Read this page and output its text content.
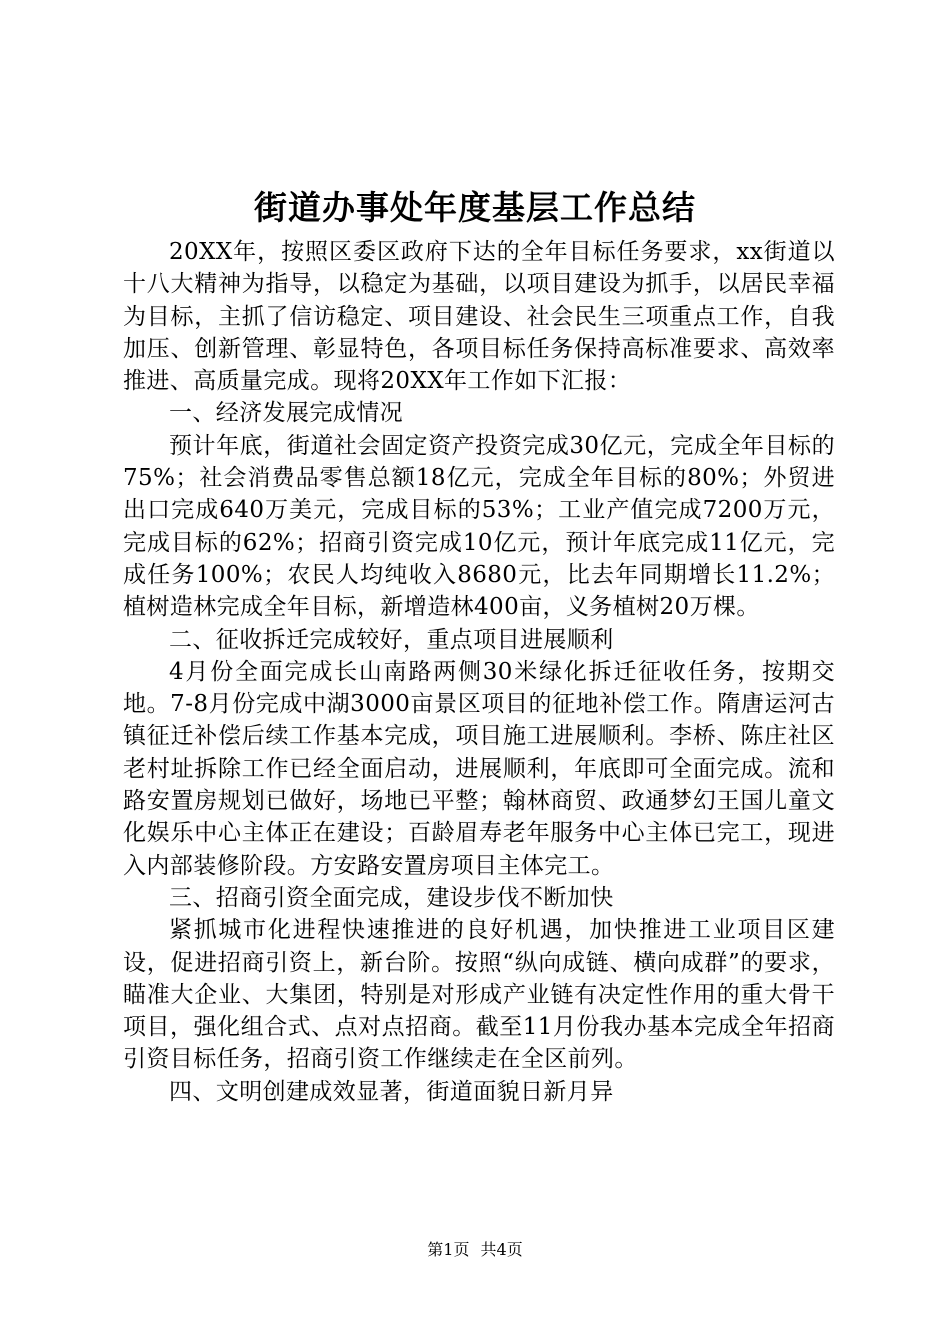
街道办事处年度基层工作总结

20XX年，按照区委区政府下达的全年目标任务要求，xx街道以十八大精神为指导，以稳定为基础，以项目建设为抓手，以居民幸福为目标，主抓了信访稳定、项目建设、社会民生三项重点工作，自我加压、创新管理、彰显特色，各项目标任务保持高标准要求、高效率推进、高质量完成。现将20XX年工作如下汇报：

一、经济发展完成情况

预计年底，街道社会固定资产投资完成30亿元，完成全年目标的75%；社会消费品零售总额18亿元，完成全年目标的80%；外贸进出口完成640万美元，完成目标的53%；工业产值完成7200万元，完成目标的62%；招商引资完成10亿元，预计年底完成11亿元，完成任务100%；农民人均纯收入8680元，比去年同期增长11.2%；植树造林完成全年目标，新增造林400亩，义务植树20万棵。

二、征收拆迁完成较好，重点项目进展顺利

4月份全面完成长山南路两侧30米绿化拆迁征收任务，按期交地。7-8月份完成中湖3000亩景区项目的征地补偿工作。隋唐运河古镇征迁补偿后续工作基本完成，项目施工进展顺利。李桥、陈庄社区老村址拆除工作已经全面启动，进展顺利，年底即可全面完成。流和路安置房规划已做好，场地已平整；翰林商贸、政通梦幻王国儿童文化娱乐中心主体正在建设；百龄眉寿老年服务中心主体已完工，现进入内部装修阶段。方安路安置房项目主体完工。

三、招商引资全面完成，建设步伐不断加快

紧抓城市化进程快速推进的良好机遇，加快推进工业项目区建设，促进招商引资上，新台阶。按照“纵向成链、横向成群”的要求，瞄准大企业、大集团，特别是对形成产业链有决定性作用的重大骨干项目，强化组合式、点对点招商。截至11月份我办基本完成全年招商引资目标任务，招商引资工作继续走在全区前列。

四、文明创建成效显著，街道面貌日新月异

第1页 共4页
